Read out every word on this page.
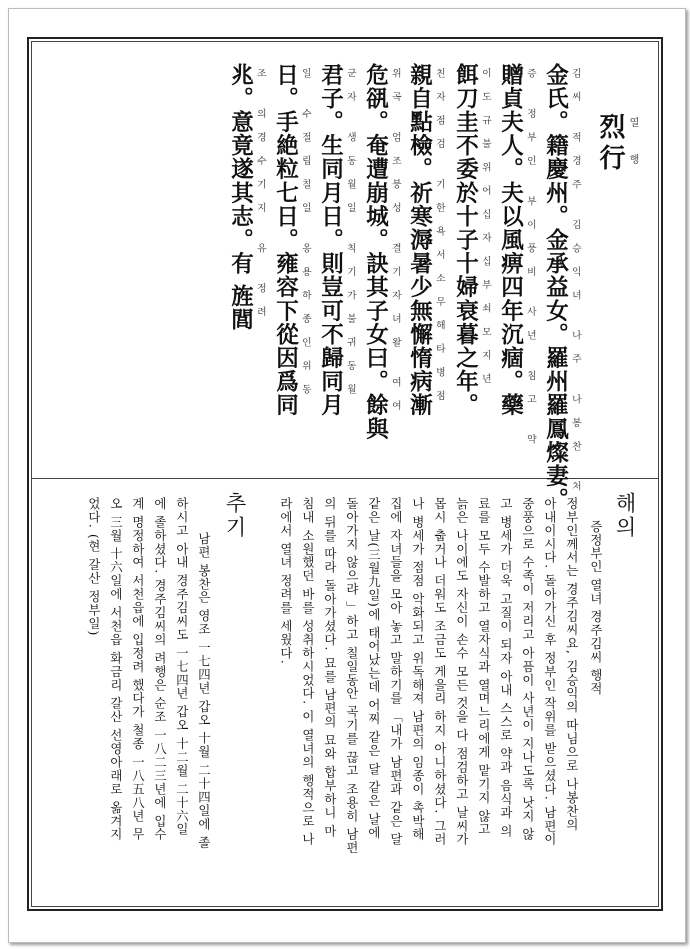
烈行 열 행
金氏。籍慶州。金承益女。羅州羅鳳燦妻。 김씨 적경주 김승익녀 나주 나봉찬 처
贈貞夫人。夫以風痹四年沉痼。藥 증 정부인 부이풍비 사년 침고 약
餌刀圭不委於十子十婦衰暮之年。 이도규불위어십자십부쇠모지년
親自點檢。祈寒溽暑少無懈惰病漸 친자점검 기한욕서소무해타병점
危谻。奄遭崩城。訣其子女曰。餘與 위곡 엄조붕성 결기자녀왈 여여
君子。生同月日。則豈可不歸同月 군자 생동월일 칙기가불귀동월
日。手絶粒七日。雍容下從因爲同 일 수절립칠일 옹용하종인위동
兆。意竟遂其志。有 旌閭 조 의경수기지 유 정려
해의
증정부인 열녀 경주김씨 행적
정부인께서는 경주김씨요, 김승익의 따님으로 나봉찬의
아내이시다. 돌아가신 후 정부인 작위를 받으셨다. 남편이
중풍으로 수족이 저리고 아픔이 사년이 지나도록 낫지 않
고 병세가 더욱 고질이 되자 아내 스스로 약과 음식과 의
료를 모두 수발하고 열자식과 열며느리에게 맡기지 않고
늙은 나이에도 자신이 손수 모든 것을 다 점검하고 날씨가
몹시 춥거나 더워도 조금도 게을리 하지 아니하셨다. 그러
나 병세가 점점 악화되고 위독해져 남편의 임종이 촉박해
집에 자녀들을 모아 놓고 말하기를 「내가 남편과 같은 달
같은 날(三월九일)에 태어났는데 어찌 같은 달 같은 날에
돌아가지 않으랴 」하고 칠일동안 곡기를 끊고 조용히 남편
의 뒤를 따라 돌아가셨다. 묘를 남편의 묘와 합부하니 마
침내 소원했던 바를 성취하시었다. 이 열녀의 행적으로 나
라에서 열녀 정려를 세웠다.
추기
남편 봉찬은 영조 一七四년 갑오 十월 二十四일에 졸
하시고 아내 경주김씨도 一七四년 갑오 十二월 二十六일
에 졸하셨다. 경주김씨의 려행은 순조 一八二三년에 입수
계 명정하여 서천읍에 입정려 했다가 철종 一八五八년 무
오 三월 十六일에 서천읍 화금리 갈산 선영아래로 옮겨지
었다. (현 갈산 정부일)
